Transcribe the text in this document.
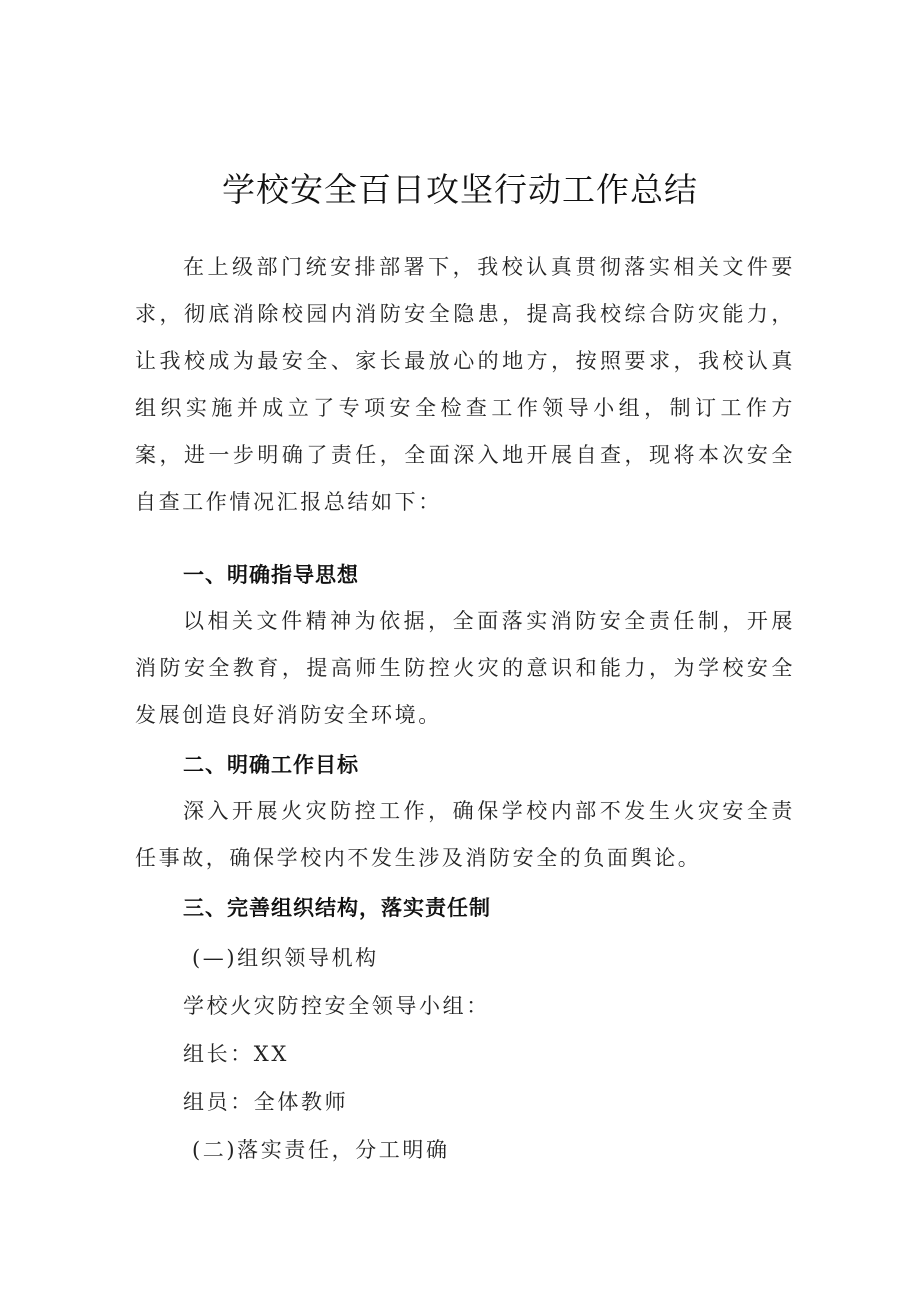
学校安全百日攻坚行动工作总结

在上级部门统安排部署下，我校认真贯彻落实相关文件要求，彻底消除校园内消防安全隐患，提高我校综合防灾能力，让我校成为最安全、家长最放心的地方，按照要求，我校认真组织实施并成立了专项安全检查工作领导小组，制订工作方案，进一步明确了责任，全面深入地开展自查，现将本次安全自查工作情况汇报总结如下：

一、明确指导思想

以相关文件精神为依据，全面落实消防安全责任制，开展消防安全教育，提高师生防控火灾的意识和能力，为学校安全发展创造良好消防安全环境。

二、明确工作目标

深入开展火灾防控工作，确保学校内部不发生火灾安全责任事故，确保学校内不发生涉及消防安全的负面舆论。

三、完善组织结构，落实责任制
(—)组织领导机构
学校火灾防控安全领导小组：
组长：XX
组员：全体教师
(二)落实责任，分工明确
